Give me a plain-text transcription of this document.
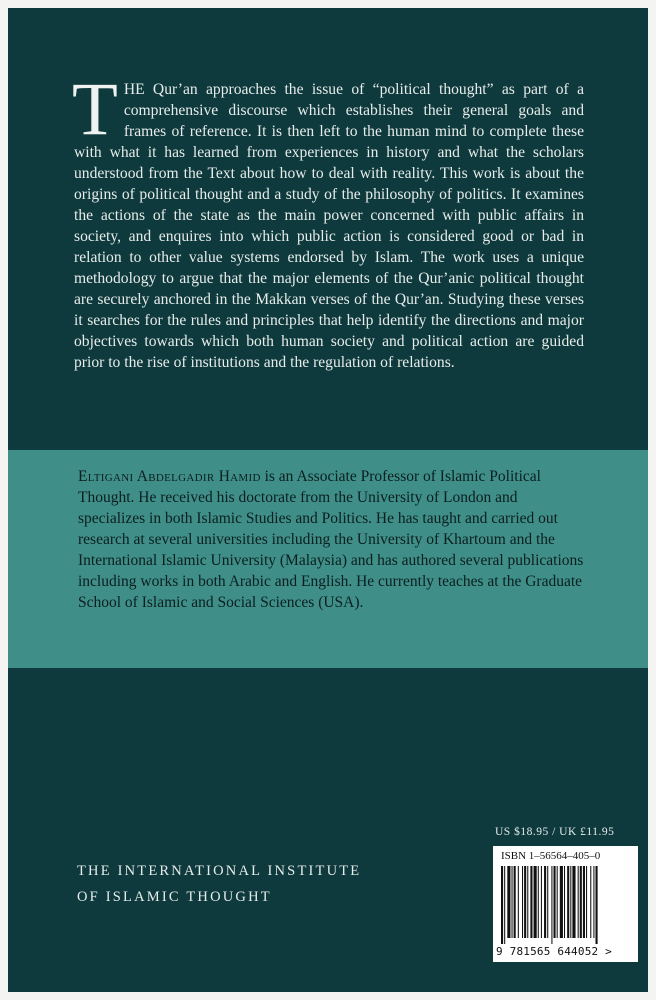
THE Qur’an approaches the issue of “political thought” as part of a comprehensive discourse which establishes their general goals and frames of reference. It is then left to the human mind to complete these with what it has learned from experiences in history and what the scholars understood from the Text about how to deal with reality. This work is about the origins of political thought and a study of the philosophy of politics. It examines the actions of the state as the main power concerned with public affairs in society, and enquires into which public action is considered good or bad in relation to other value systems endorsed by Islam. The work uses a unique methodology to argue that the major elements of the Qur’anic political thought are securely anchored in the Makkan verses of the Qur’an. Studying these verses it searches for the rules and principles that help identify the directions and major objectives towards which both human society and political action are guided prior to the rise of institutions and the regulation of relations.

Eltigani Abdelgadir Hamid is an Associate Professor of Islamic Political Thought. He received his doctorate from the University of London and specializes in both Islamic Studies and Politics. He has taught and carried out research at several universities including the University of Khartoum and the International Islamic University (Malaysia) and has authored several publications including works in both Arabic and English. He currently teaches at the Graduate School of Islamic and Social Sciences (USA).

THE INTERNATIONAL INSTITUTE
OF ISLAMIC THOUGHT
US $18.95 / UK £11.95
ISBN 1–56564–405–0
9 781565 644052 >
